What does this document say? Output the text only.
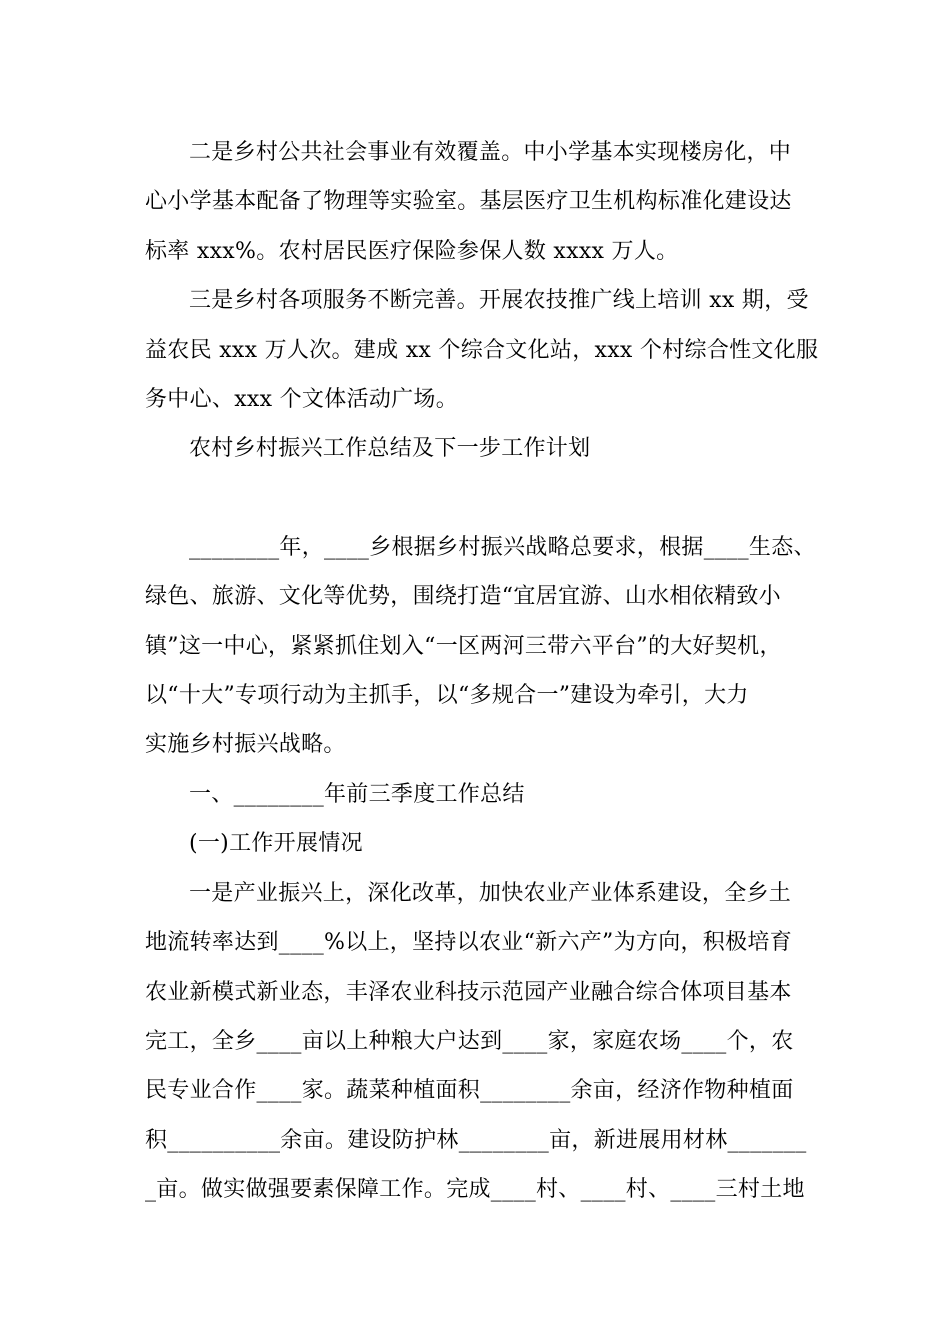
二是乡村公共社会事业有效覆盖。中小学基本实现楼房化，中
心小学基本配备了物理等实验室。基层医疗卫生机构标准化建设达
标率 xxx%。农村居民医疗保险参保人数 xxxx 万人。

三是乡村各项服务不断完善。开展农技推广线上培训 xx 期，受
益农民 xxx 万人次。建成 xx 个综合文化站，xxx 个村综合性文化服
务中心、xxx 个文体活动广场。

农村乡村振兴工作总结及下一步工作计划

________年，____乡根据乡村振兴战略总要求，根据____生态、
绿色、旅游、文化等优势，围绕打造“宜居宜游、山水相依精致小
镇”这一中心，紧紧抓住划入“一区两河三带六平台”的大好契机，
以“十大”专项行动为主抓手，以“多规合一”建设为牵引，大力
实施乡村振兴战略。

一、________年前三季度工作总结

(一)工作开展情况

一是产业振兴上，深化改革，加快农业产业体系建设，全乡土
地流转率达到____%以上，坚持以农业“新六产”为方向，积极培育
农业新模式新业态，丰泽农业科技示范园产业融合综合体项目基本
完工，全乡____亩以上种粮大户达到____家，家庭农场____个，农
民专业合作____家。蔬菜种植面积________余亩，经济作物种植面
积__________余亩。建设防护林________亩，新进展用材林_______
_亩。做实做强要素保障工作。完成____村、____村、____三村土地
